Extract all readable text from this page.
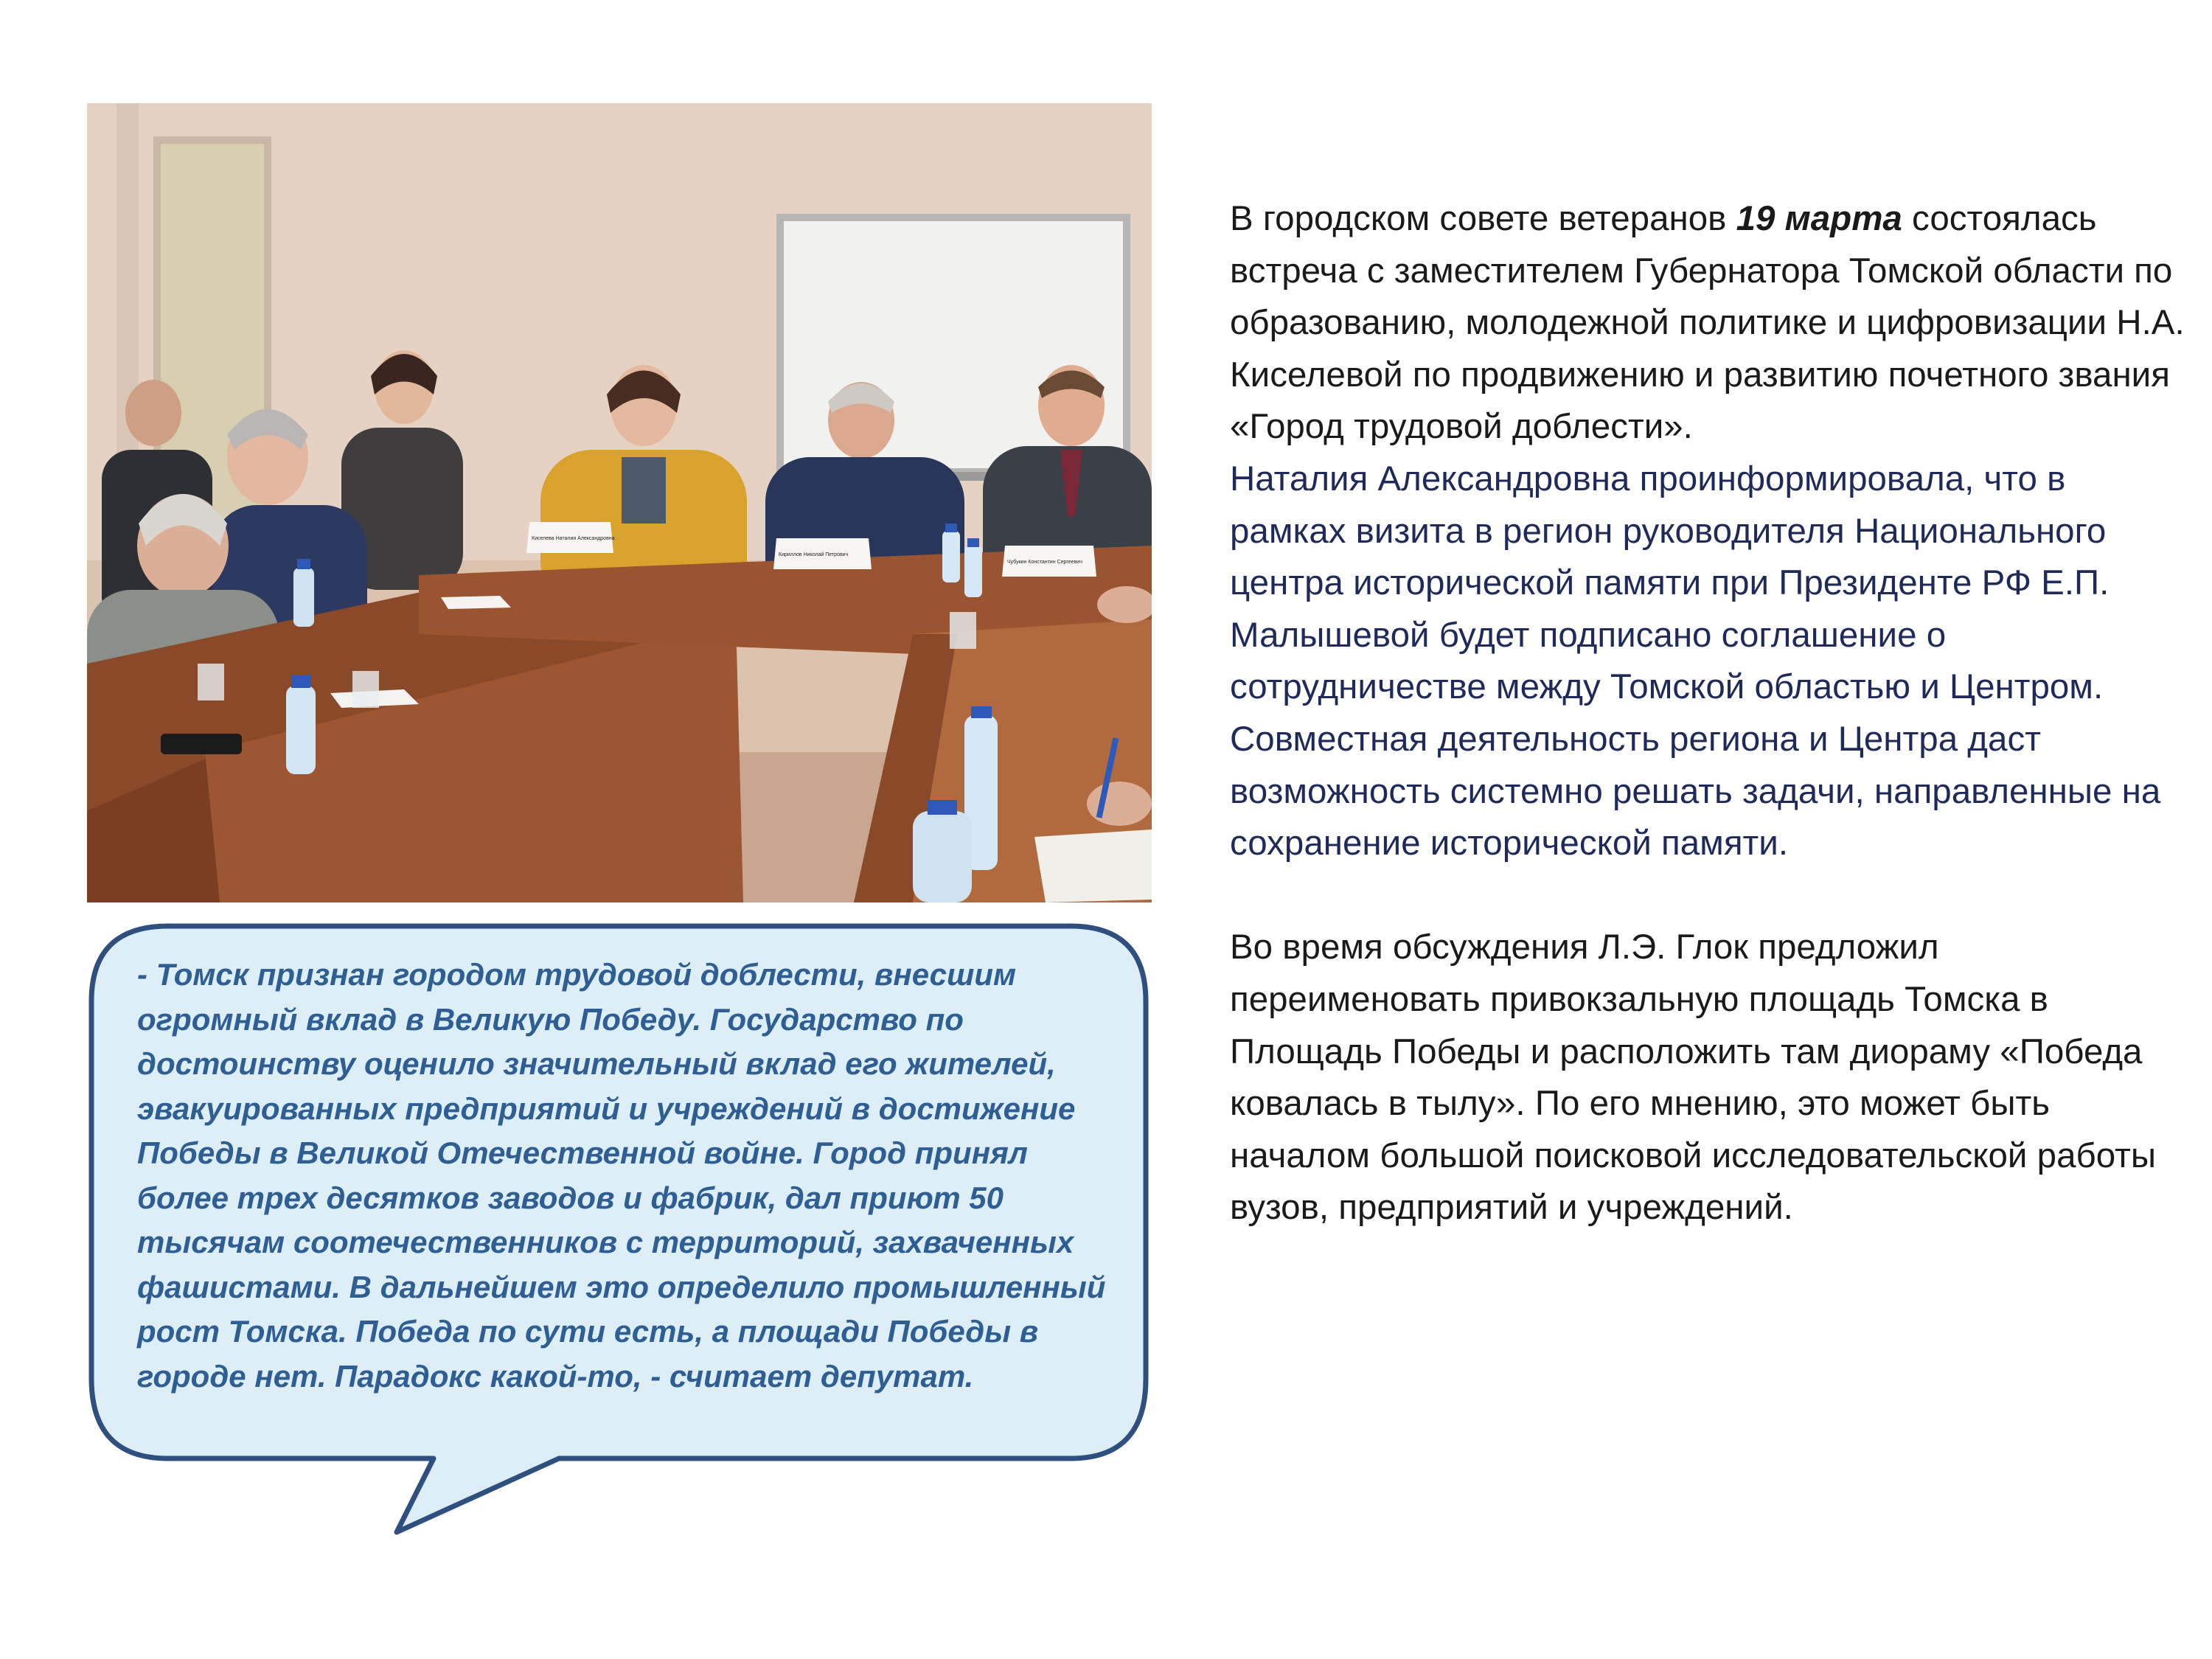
Киселева Наталия Александровна
Кириллов Николай Петрович
Чубукин Константин Сергеевич

- Томск признан городом трудовой доблести, внесшим огромный вклад в Великую Победу. Государство по достоинству оценило значительный вклад его жителей, эвакуированных предприятий и учреждений в достижение Победы в Великой Отечественной войне. Город принял более трех десятков заводов и фабрик, дал приют 50 тысячам соотечественников с территорий, захваченных фашистами. В дальнейшем это определило промышленный рост Томска. Победа по сути есть, а площади Победы в городе нет. Парадокс какой-то, - считает депутат.

В городском совете ветеранов 19 марта состоялась встреча с заместителем Губернатора Томской области по образованию, молодежной политике и цифровизации Н.А. Киселевой по продвижению и развитию почетного звания «Город трудовой доблести».

Наталия Александровна проинформировала, что в рамках визита в регион руководителя Национального центра исторической памяти при Президенте РФ Е.П. Малышевой будет подписано соглашение о сотрудничестве между Томской областью и Центром.

Совместная деятельность региона и Центра даст возможность системно решать задачи, направленные на сохранение исторической памяти.

Во время обсуждения Л.Э. Глок предложил переименовать привокзальную площадь Томска в Площадь Победы и расположить там диораму «Победа ковалась в тылу». По его мнению, это может быть началом большой поисковой исследовательской работы вузов, предприятий и учреждений.
